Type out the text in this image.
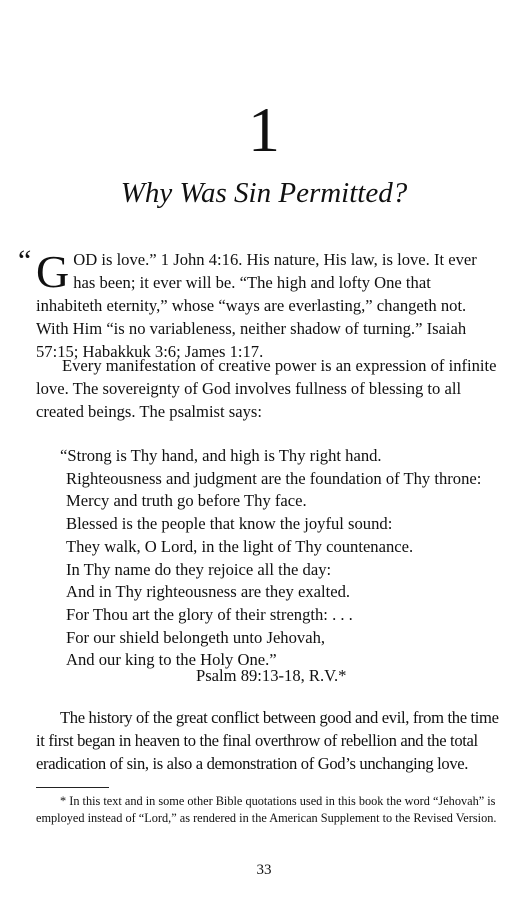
1
Why Was Sin Permitted?

“ G OD is love.” 1 John 4:16. His nature, His law, is love. It ever has been; it ever will be. “The high and lofty One that inhabiteth eternity,” whose “ways are everlasting,” changeth not. With Him “is no variableness, neither shadow of turning.” Isaiah 57:15; Habakkuk 3:6; James 1:17.

Every manifestation of creative power is an expression of infinite love. The sovereignty of God involves fullness of blessing to all created beings. The psalmist says:

“Strong is Thy hand, and high is Thy right hand.
Righteousness and judgment are the foundation of Thy throne:
Mercy and truth go before Thy face.
Blessed is the people that know the joyful sound:
They walk, O Lord, in the light of Thy countenance.
In Thy name do they rejoice all the day:
And in Thy righteousness are they exalted.
For Thou art the glory of their strength: . . .
For our shield belongeth unto Jehovah,
And our king to the Holy One.”
Psalm 89:13-18, R.V.*

The history of the great conflict between good and evil, from the time it first began in heaven to the final overthrow of rebellion and the total eradication of sin, is also a demonstration of God’s unchanging love.

* In this text and in some other Bible quotations used in this book the word “Jehovah” is employed instead of “Lord,” as rendered in the American Supplement to the Revised Version.

33
